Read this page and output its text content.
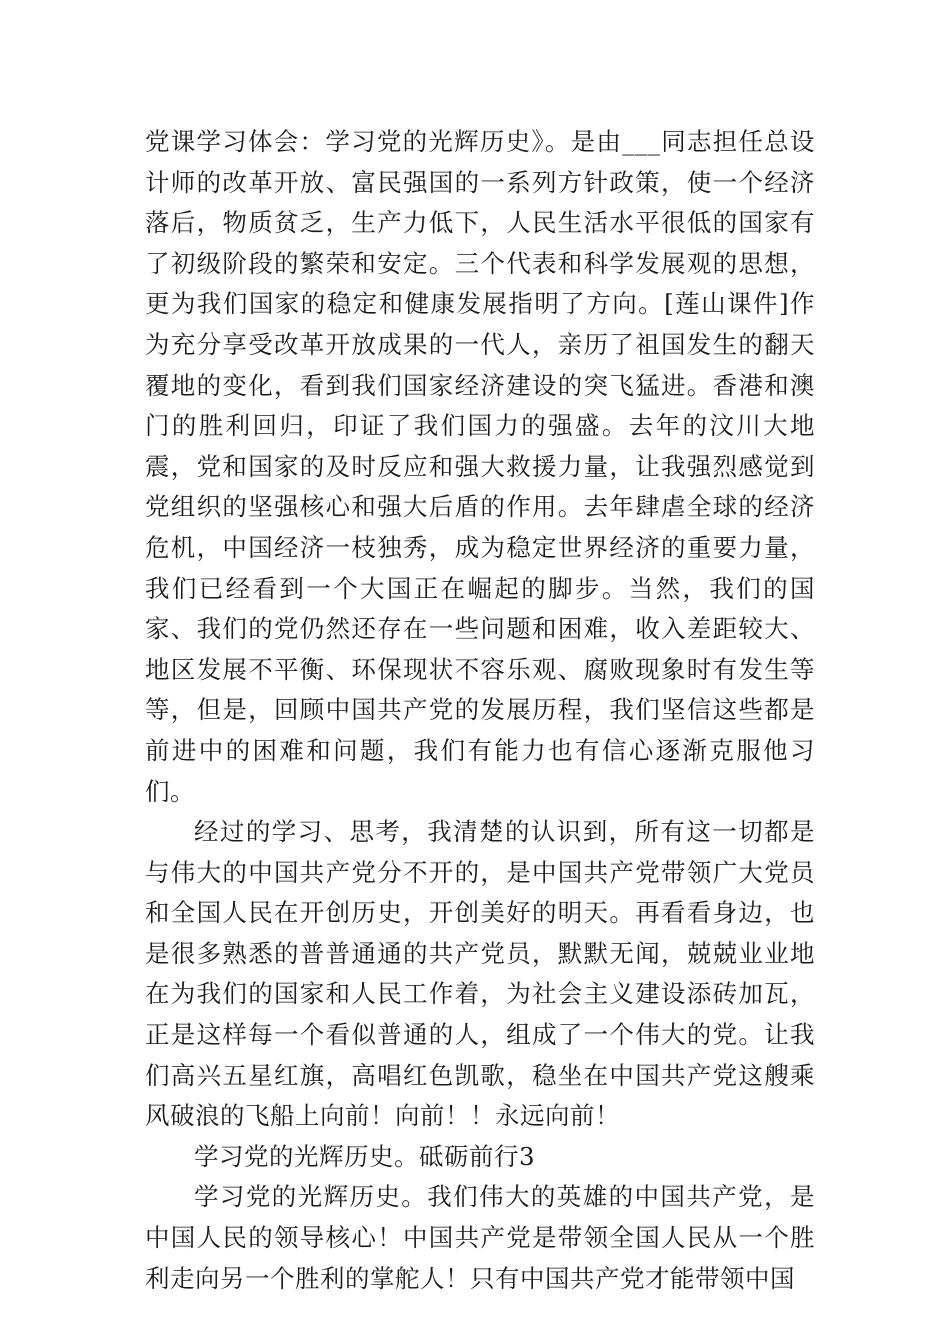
党课学习体会：学习党的光辉历史》。是由___同志担任总设计师的改革开放、富民强国的一系列方针政策，使一个经济落后，物质贫乏，生产力低下，人民生活水平很低的国家有了初级阶段的繁荣和安定。三个代表和科学发展观的思想，更为我们国家的稳定和健康发展指明了方向。[莲山课件]作为充分享受改革开放成果的一代人，亲历了祖国发生的翻天覆地的变化，看到我们国家经济建设的突飞猛进。香港和澳门的胜利回归，印证了我们国力的强盛。去年的汶川大地震，党和国家的及时反应和强大救援力量，让我强烈感觉到党组织的坚强核心和强大后盾的作用。去年肆虐全球的经济危机，中国经济一枝独秀，成为稳定世界经济的重要力量，我们已经看到一个大国正在崛起的脚步。当然，我们的国家、我们的党仍然还存在一些问题和困难，收入差距较大、地区发展不平衡、环保现状不容乐观、腐败现象时有发生等等，但是，回顾中国共产党的发展历程，我们坚信这些都是前进中的困难和问题，我们有能力也有信心逐渐克服他习们。

经过的学习、思考，我清楚的认识到，所有这一切都是与伟大的中国共产党分不开的，是中国共产党带领广大党员和全国人民在开创历史，开创美好的明天。再看看身边，也是很多熟悉的普普通通的共产党员，默默无闻，兢兢业业地在为我们的国家和人民工作着，为社会主义建设添砖加瓦，正是这样每一个看似普通的人，组成了一个伟大的党。让我们高兴五星红旗，高唱红色凯歌，稳坐在中国共产党这艘乘风破浪的飞船上向前！向前！！永远向前！

学习党的光辉历史。砥砺前行3

学习党的光辉历史。我们伟大的英雄的中国共产党，是中国人民的领导核心！中国共产党是带领全国人民从一个胜利走向另一个胜利的掌舵人！只有中国共产党才能带领中国
